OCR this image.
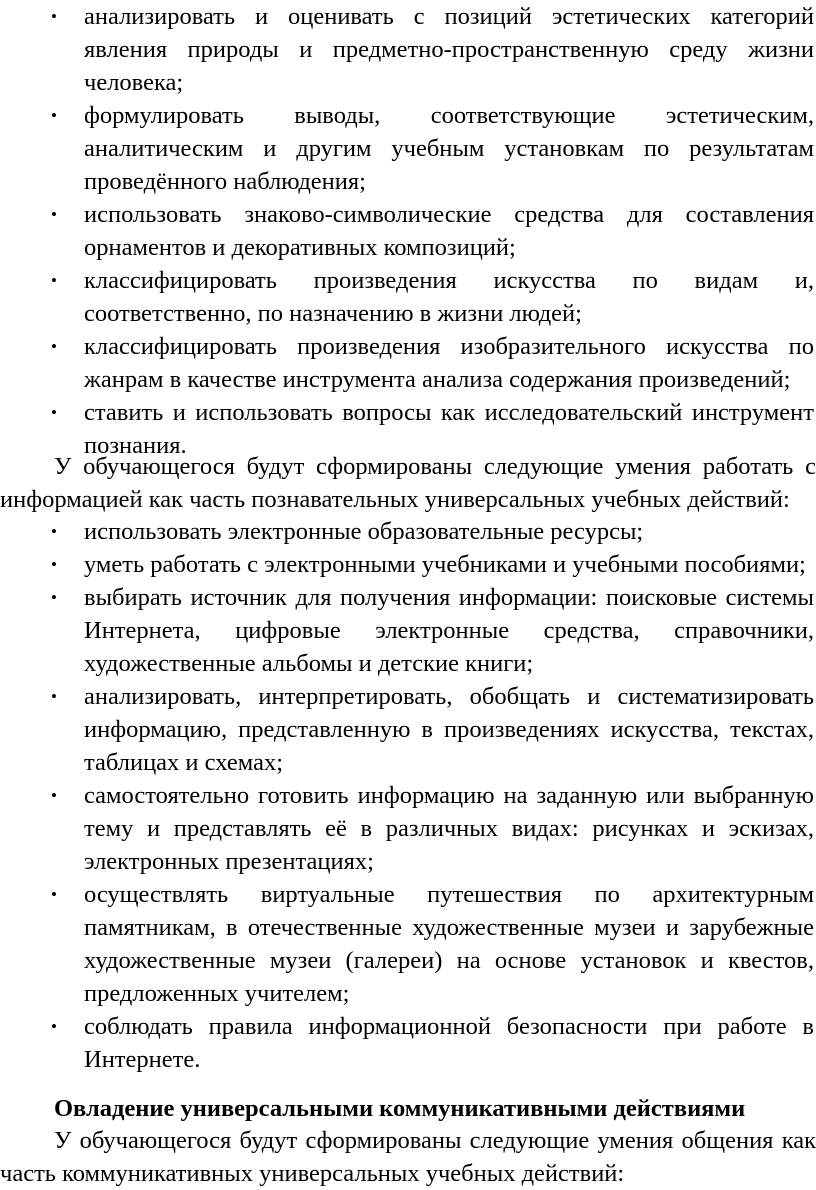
• анализировать и оценивать с позиций эстетических категорий явления природы и предметно-пространственную среду жизни человека;
• формулировать выводы, соответствующие эстетическим, аналитическим и другим учебным установкам по результатам проведённого наблюдения;
• использовать знаково-символические средства для составления орнаментов и декоративных композиций;
• классифицировать произведения искусства по видам и, соответственно, по назначению в жизни людей;
• классифицировать произведения изобразительного искусства по жанрам в качестве инструмента анализа содержания произведений;
• ставить и использовать вопросы как исследовательский инструмент познания.

У обучающегося будут сформированы следующие умения работать с информацией как часть познавательных универсальных учебных действий:

• использовать электронные образовательные ресурсы;
• уметь работать с электронными учебниками и учебными пособиями;
• выбирать источник для получения информации: поисковые системы Интернета, цифровые электронные средства, справочники, художественные альбомы и детские книги;
• анализировать, интерпретировать, обобщать и систематизировать информацию, представленную в произведениях искусства, текстах, таблицах и схемах;
• самостоятельно готовить информацию на заданную или выбранную тему и представлять её в различных видах: рисунках и эскизах, электронных презентациях;
• осуществлять виртуальные путешествия по архитектурным памятникам, в отечественные художественные музеи и зарубежные художественные музеи (галереи) на основе установок и квестов, предложенных учителем;
• соблюдать правила информационной безопасности при работе в Интернете.

Овладение универсальными коммуникативными действиями

У обучающегося будут сформированы следующие умения общения как часть коммуникативных универсальных учебных действий:
